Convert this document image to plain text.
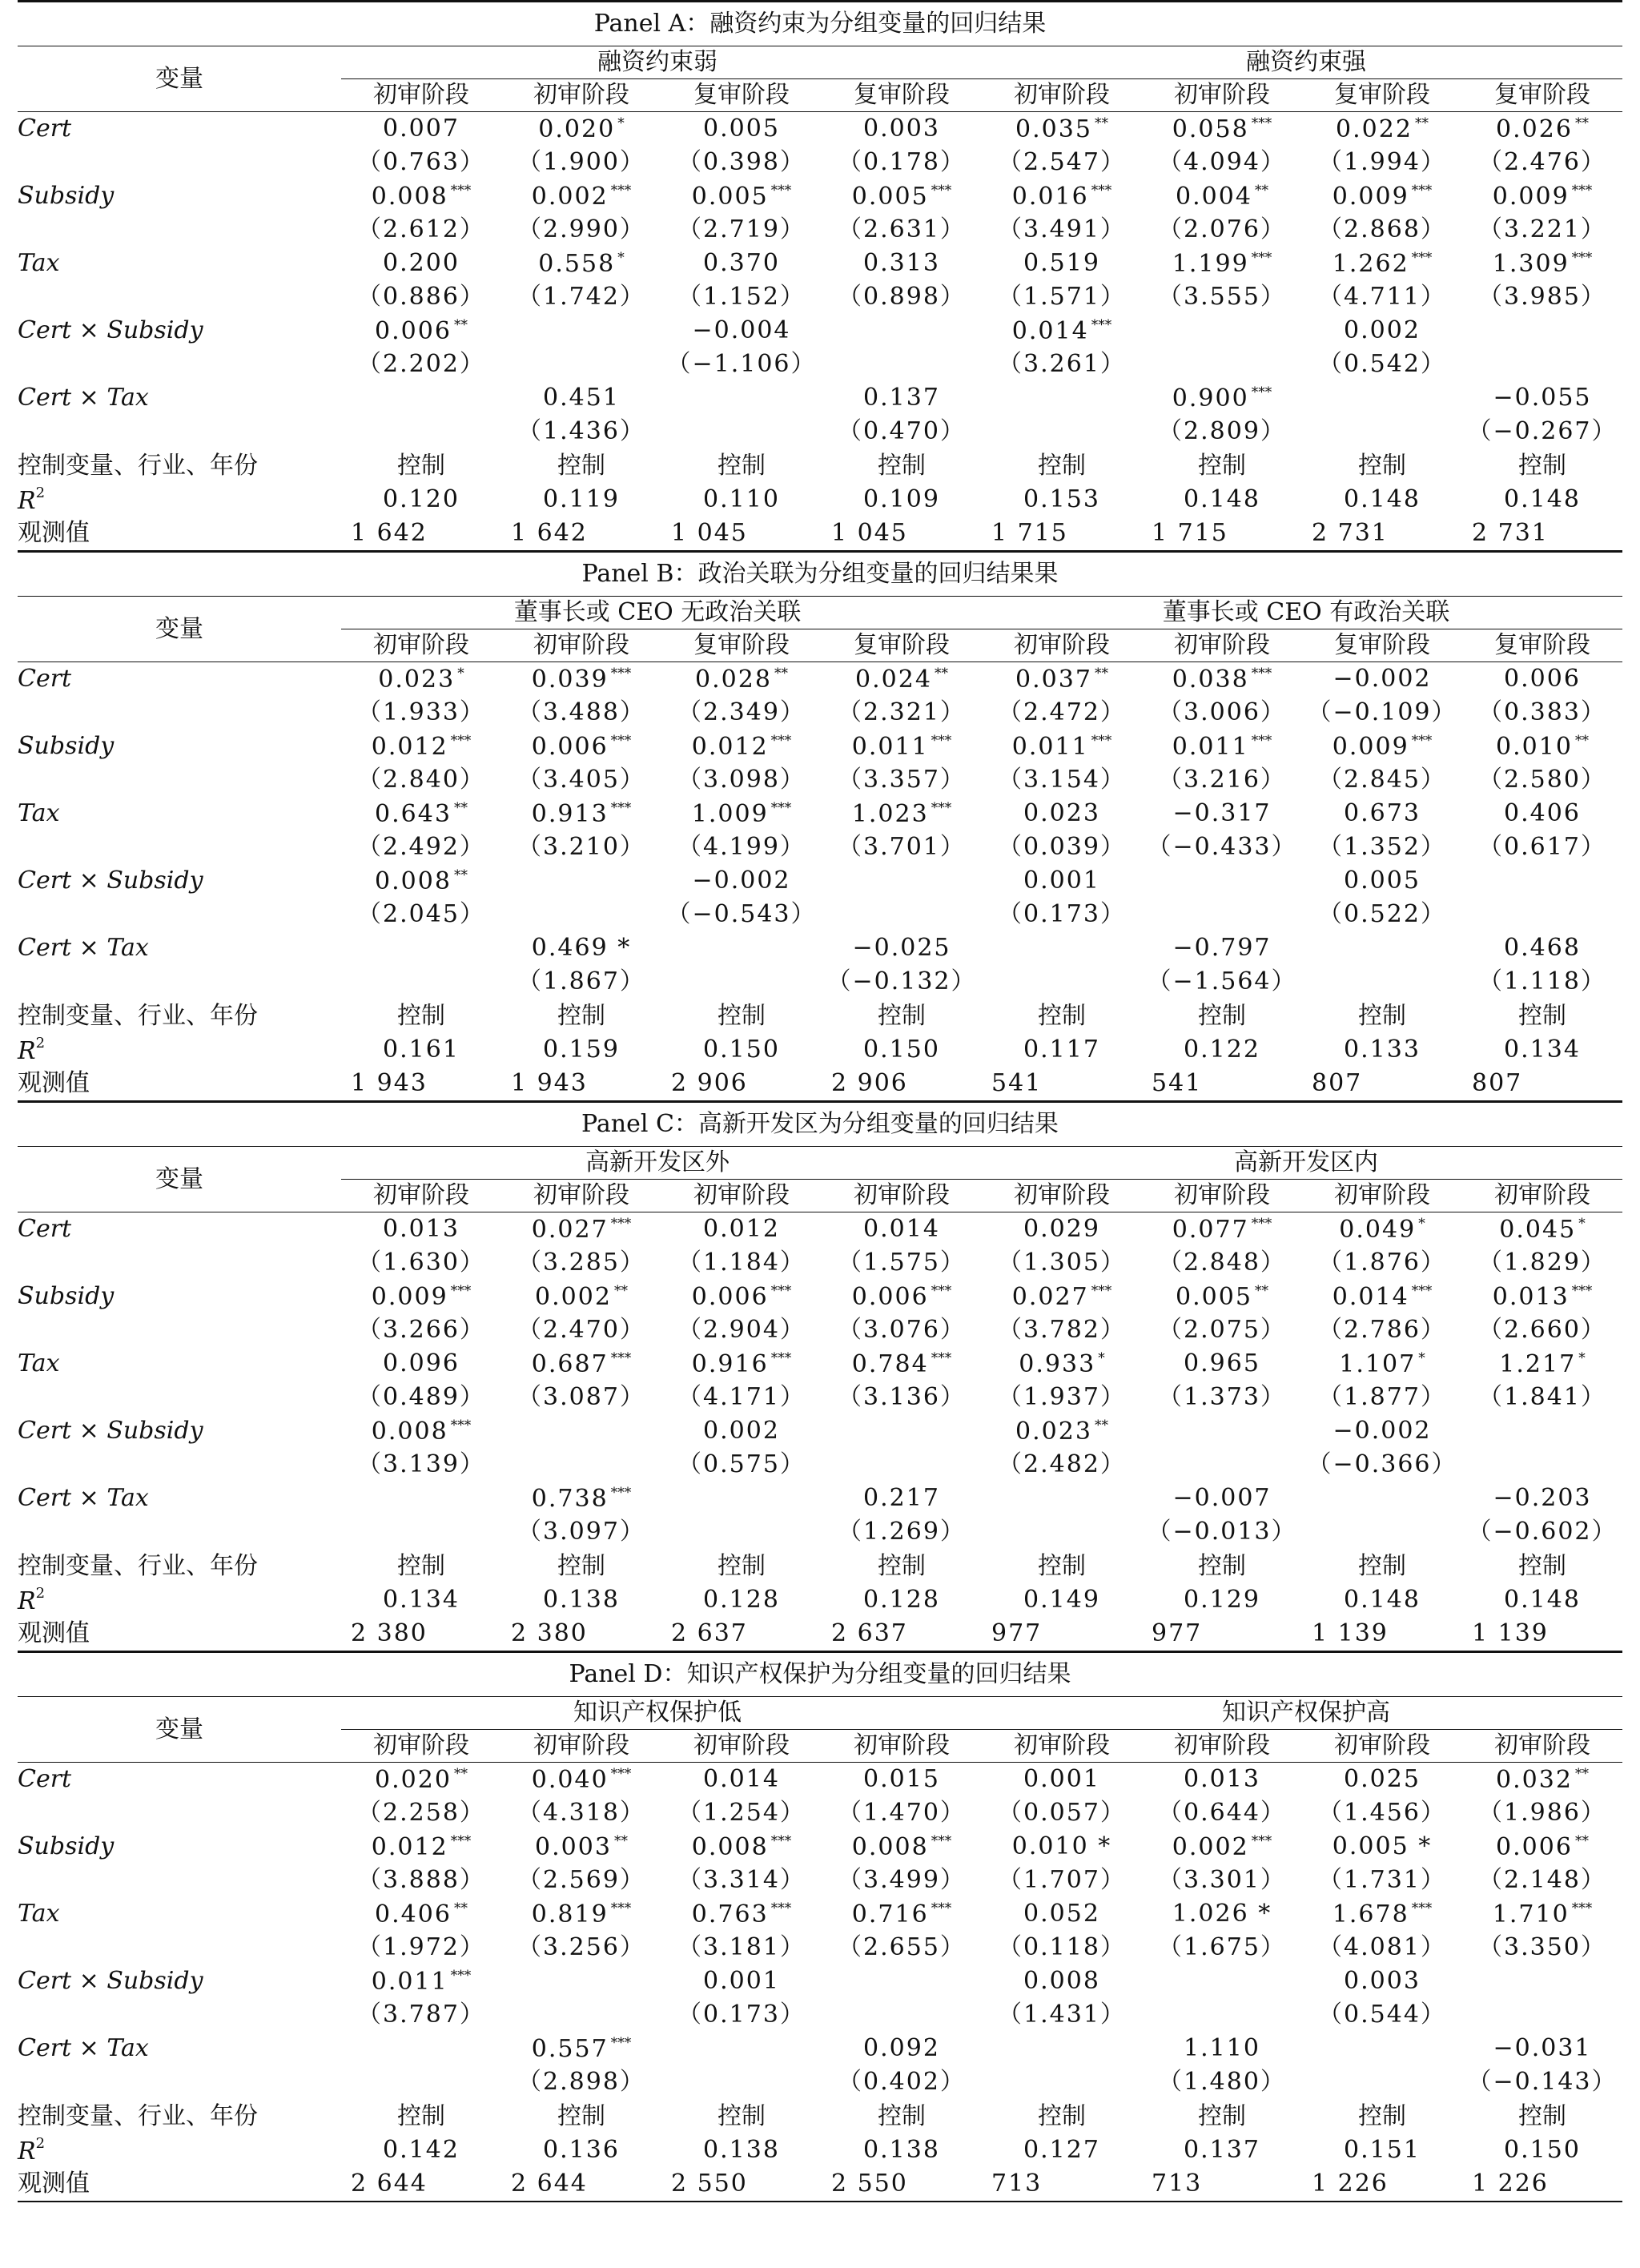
Panel A：融资约束为分组变量的回归结果								
变量	融资约束弱				融资约束强			
	初审阶段	初审阶段	复审阶段	复审阶段	初审阶段	初审阶段	复审阶段	复审阶段
Cert	0.007	0.020 *	0.005	0.003	0.035 **	0.058 ***	0.022 **	0.026 **
	（0.763）	（1.900）	（0.398）	（0.178）	（2.547）	（4.094）	（1.994）	（2.476）
Subsidy	0.008 ***	0.002 ***	0.005 ***	0.005 ***	0.016 ***	0.004 **	0.009 ***	0.009 ***
	（2.612）	（2.990）	（2.719）	（2.631）	（3.491）	（2.076）	（2.868）	（3.221）
Tax	0.200	0.558 *	0.370	0.313	0.519	1.199 ***	1.262 ***	1.309 ***
	（0.886）	（1.742）	（1.152）	（0.898）	（1.571）	（3.555）	（4.711）	（3.985）
Cert × Subsidy	0.006 **		−0.004		0.014 ***		0.002	
	（2.202）		（−1.106）		（3.261）		（0.542）	
Cert × Tax		0.451		0.137		0.900 ***		−0.055
		（1.436）		（0.470）		（2.809）		（−0.267）
控制变量、行业、年份	控制	控制	控制	控制	控制	控制	控制	控制
$R^2$	0.120	0.119	0.110	0.109	0.153	0.148	0.148	0.148
观测值	1 642	1 642	1 045	1 045	1 715	1 715	2 731	2 731
Panel B：政治关联为分组变量的回归结果果								
变量	董事长或 CEO 无政治关联				董事长或 CEO 有政治关联			
	初审阶段	初审阶段	复审阶段	复审阶段	初审阶段	初审阶段	复审阶段	复审阶段
Cert	0.023 *	0.039 ***	0.028 **	0.024 **	0.037 **	0.038 ***	−0.002	0.006
	（1.933）	（3.488）	（2.349）	（2.321）	（2.472）	（3.006）	（−0.109）	（0.383）
Subsidy	0.012 ***	0.006 ***	0.012 ***	0.011 ***	0.011 ***	0.011 ***	0.009 ***	0.010 **
	（2.840）	（3.405）	（3.098）	（3.357）	（3.154）	（3.216）	（2.845）	（2.580）
Tax	0.643 **	0.913 ***	1.009 ***	1.023 ***	0.023	−0.317	0.673	0.406
	（2.492）	（3.210）	（4.199）	（3.701）	（0.039）	（−0.433）	（1.352）	（0.617）
Cert × Subsidy	0.008 **		−0.002		0.001		0.005	
	（2.045）		（−0.543）		（0.173）		（0.522）	
Cert × Tax		0.469 *		−0.025		−0.797		0.468
		（1.867）		（−0.132）		（−1.564）		（1.118）
控制变量、行业、年份	控制	控制	控制	控制	控制	控制	控制	控制
$R^2$	0.161	0.159	0.150	0.150	0.117	0.122	0.133	0.134
观测值	1 943	1 943	2 906	2 906	541	541	807	807
Panel C：高新开发区为分组变量的回归结果								
变量	高新开发区外				高新开发区内			
	初审阶段	初审阶段	初审阶段	初审阶段	初审阶段	初审阶段	初审阶段	初审阶段
Cert	0.013	0.027 ***	0.012	0.014	0.029	0.077 ***	0.049 *	0.045 *
	（1.630）	（3.285）	（1.184）	（1.575）	（1.305）	（2.848）	（1.876）	（1.829）
Subsidy	0.009 ***	0.002 **	0.006 ***	0.006 ***	0.027 ***	0.005 **	0.014 ***	0.013 ***
	（3.266）	（2.470）	（2.904）	（3.076）	（3.782）	（2.075）	（2.786）	（2.660）
Tax	0.096	0.687 ***	0.916 ***	0.784 ***	0.933 *	0.965	1.107 *	1.217 *
	（0.489）	（3.087）	（4.171）	（3.136）	（1.937）	（1.373）	（1.877）	（1.841）
Cert × Subsidy	0.008 ***		0.002		0.023 **		−0.002	
	（3.139）		（0.575）		（2.482）		（−0.366）	
Cert × Tax		0.738 ***		0.217		−0.007		−0.203
		（3.097）		（1.269）		（−0.013）		（−0.602）
控制变量、行业、年份	控制	控制	控制	控制	控制	控制	控制	控制
$R^2$	0.134	0.138	0.128	0.128	0.149	0.129	0.148	0.148
观测值	2 380	2 380	2 637	2 637	977	977	1 139	1 139
Panel D：知识产权保护为分组变量的回归结果								
变量	知识产权保护低				知识产权保护高			
	初审阶段	初审阶段	初审阶段	初审阶段	初审阶段	初审阶段	初审阶段	初审阶段
Cert	0.020 **	0.040 ***	0.014	0.015	0.001	0.013	0.025	0.032 **
	（2.258）	（4.318）	（1.254）	（1.470）	（0.057）	（0.644）	（1.456）	（1.986）
Subsidy	0.012 ***	0.003 **	0.008 ***	0.008 ***	0.010 *	0.002 ***	0.005 *	0.006 **
	（3.888）	（2.569）	（3.314）	（3.499）	（1.707）	（3.301）	（1.731）	（2.148）
Tax	0.406 **	0.819 ***	0.763 ***	0.716 ***	0.052	1.026 *	1.678 ***	1.710 ***
	（1.972）	（3.256）	（3.181）	（2.655）	（0.118）	（1.675）	（4.081）	（3.350）
Cert × Subsidy	0.011 ***		0.001		0.008		0.003	
	（3.787）		（0.173）		（1.431）		（0.544）	
Cert × Tax		0.557 ***		0.092		1.110		−0.031
		（2.898）		（0.402）		（1.480）		（−0.143）
控制变量、行业、年份	控制	控制	控制	控制	控制	控制	控制	控制
$R^2$	0.142	0.136	0.138	0.138	0.127	0.137	0.151	0.150
观测值	2 644	2 644	2 550	2 550	713	713	1 226	1 226
